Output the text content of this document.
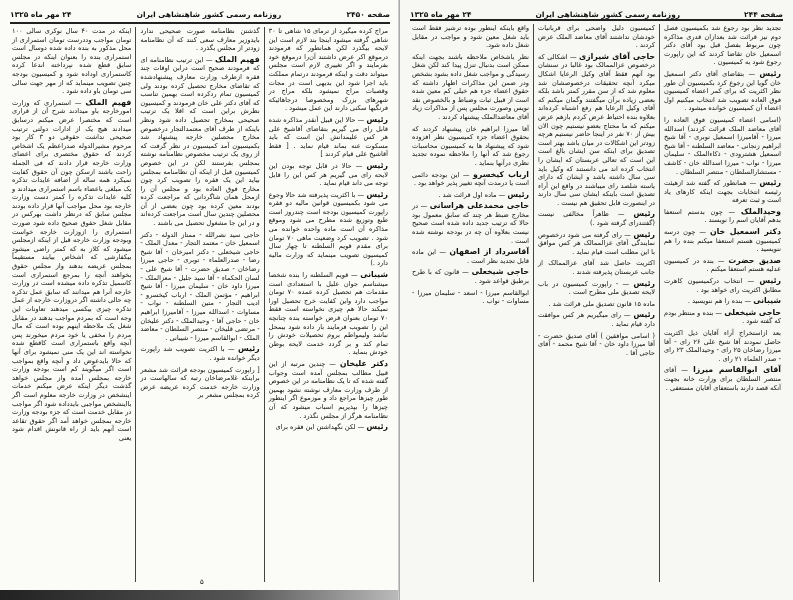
صفحه ۲۴۵۰
روزنامه رسمی کشور شاهنشاهی ایران
۲۴ مهر ماه ۱۳۲۵
مراج کرده میگیرد از ترمای ۱۵ شاهی تا ۳۰ شاهی گرفته میشود اینجا بند لازم است این لایحه بیگذرد لکن همانطور که فرمودند درموقع اکر عرض داشتند آن‌را درموقع خود بفرمایند و اگر تغییری لازم است مجلس میتواند دقت و اینکه فرمودند درتمام مملکت باید اجرا شود این بدیهی است در مجات وقصبات مراج نمیشود بلکه مراج در شهرهای بزرک ومخصوصا درجاهائیکه فرنگیها سکنی دارند این عمل میشود .
رئیس — حالا این قبیل آنقدر مذاکره شده قابل رای می گیریم بتقاضای آقاشیخ علی هر کس علیمدانش این است که باید مسکوت عنه بماند قیام نماید . [ فقط آقاشیخ علی قیام کردند ]
رئیس — حالا در قابل توجه بودن این لایحه رای می گیریم هر کس این را قابل توجه می داند قیام نماید .
رئیس — با اکثریت پذیرفته شد حالا وجوع می شود بکمیسیون قوانین مالیه دو فقره راپورت کمیسیون بودجه است چندروز است طبع وتوزیع شده مطرح می شود وموقع مذاکره آن است ماده واحده خوانده می شود . تصویب کرد وضعیت ماهی ۷۰ تومان برای مقدم قویم السلطنه تا چهار سال کمیسیون تصویب مینماید که وزارت مالیه دارد .)
شیبانی — قویم السلطنه را بنده شخصا میشناسم جوان علیل با استعدادی است مقدمات هم تحصیل کرده عمده ۷۰ تومان مواجب دارد واین کفایت خرج تحصیل اورا نمیکند حالا هم چیزی نخواسته است فقط ۷۰ تومان بعنوان قرض خواسته بنده چنانچه این را تصویب فرمایند بار داده شود بیمحل نباشد ولیمواطم بروم تحصیلات خودش را تمام کند و بر گردد خدمت لایحه بوطن خودش بنماید .
دکتر علیخان — چندین مرتبه از این قبیل مطالب بمجلس آمده است وجواب گفته شده که تا یک نظامنامه در این خصوص از طرف وزارت معارف نوشته نشود بهمین طور چیزها مراجع داد و موزموع اگر اینطور چیزها را بپذیریم اسباب میشود که آن نظامنامه هرگز از مجلس نگذرد .
رئیس — لکن نگهداشتن این فقره برای
گذشتن نظامنامه صورت صحیحی ندارد بایدوزیر معارف سعی کنند که آن نظامنامه زودتر از مجلس بگذرد .
فهیم الملک — این ترتیب نظامنامه ای که فرمودند صحیح است درابن اوقات چند فقره ازطرف وزارت معارف پیشنهادشده که تقاضای مخارج تحصیل کرده بودند ولی کمیسیون تمام ردکرده است بهمین تناسب که آقای دکتر علی خان فرمودند و کمیسیون نظرش براین است که اقلا یک ترتیب صحیحی بمخارج تحصیل داده شود ونظر باینکه از طرف آقای معتمدالتجار درخصوص مخارج محصلین خارجه پیشنهاد شد بکمیسیون آمد کمیسیون در نظر گرفت که از روی یک ترتیب مخصوص نظامنامه نوشته بمجلس بفرستند لکن در این خصوص کمیسیون قبل از اینکه آن نظامنامه بمجلس بیاید این یک فقره را تصویب کرد چون مخارج فوق العاده بود و مجلس آن را ازمحل همان شاگردانی که مراجعت کرده بودند معین کرده بود چون بعضی از آن محصلین چندین سال است مراجعت کرده‌اند و در این جا مشغول تحصیل می باشند .
حاجی سید نصرالله - ممتاز الدوله - دکتر اسمعیل خان - معتمد التجار - معدل الملک - حاجی شیخعلی - دکتر امیرخان - آقا شیخ رضا - صدرالعلماء - توبری - حاجی میرزا رضاخان - صدیق حضرت - آقا شیخ علی - لسان الحکماء - آقا سید جلیل - معزالملک - میرزا داود خان - سلیمان میرزا - آقا شیخ ابراهیم - مؤتمن الملک - ارباب کیخسرو - ادیب التجار - متین السلطنه - نواب - مساوات - اسدالله میرزا - آقامیرزا ابراهیم خان - حاجی آقا - وحیدالملک - دکتر علیخان - مرتضی قلیخان - منتصر السلطان - معاضد الملک - ابوالقاسم میرزا - شیبانی .
رئیس — با اکثریت تصویب شد راپورت دیگر خوانده شود .
[ راپورت کمیسیون بودجه قرائت شد مشعر براینکه غلامرضاخان رتبه که سالهاست در وزارت خارجه خدمت کرده عریضه عرض کرده بمجلس مشعر بر
اینکه در مدت ۴۰ سال نوکری سالی ۱۰۰ تومان مواجب وددرست تومان استمراری از محل مذکور به بنده داده شده دوسال است استمراری بنده را بعنوان اینکه در مجلس سابق قطع شده نپرداخته اندعا کرده کاستمراری اوداده شود و کمیسیون بودجه چنین تصویب مینماید که از مهر جهت سالی سی تومان باو داده شود .
فهیم الملک — استمراری که وزارت امورخارجه باو میدادند شرح آن از قراری است که مختصرا عرض میکنم درسابق میدادند هیچ یک از ادارات دولتی ترتیب صحیحی نداشت حقوقی دو ۳ کار بود مرحوم مشیرالدوله صدراعظم یک اشخاص کردند که حقوق مختصری برای اعضای وزارت خارجه قرار دادند که فی الجمله راحت باشند ازسکن چون آن حقوق کفایت نمیکرد همه ساله از اضافه عایدات تذکره یک مبلغی باعضاء باسم استمراری میدادند و کلیه عایدات تذکره را کمتر دست وزارت خارجه بود محل مواجب آنها قرار داده بودند مجلس سابق که درنظر داشت بهرکس در مقابل شغل حقوق صحیح داده شود صورت استمراری را ازوزارت خارجه خواست وبودجه وزارت خارجه قبل از اینکه ازمجلس میشود که کلاز به که کمتر راضی میشود بیکفارشی که اشخاص بیایند مستقیماً بمجلس عریضه بدهند واز مجلس حقوق بخواهند آنچه را بمرجع استمراری است کاسمیل تذکره داده میشده است در وزارت خارجه آنرا هم میدانند که سابق عمل تذکره چه حالی داشته اگر دروزارت خارجه از عمل تذکره چیزی بیکسی میدهند تعاونات این وجه است که بمردم مواجب بدهند در مقابل شغل یک ملاحظه اینهم بوده است که مال مردم را مخفی یا خود مردم میخورند پس آنچه واقع باستمراری است کاقطع شده نخواسته اند این یک منی نمیشود برای آنها که حالا بایدعوض داد و آنچه واقع بمواجب است اگر میگویند کم است بودجه وزارت خارجه بمجلس آمده واز مجلس خواهد گذشت دیگر اینکه عرض میکنم خدمات اینشخص در وزارت خارجه معلوم است اگر بااینشخص مواجبی بایدداده شود اگر مواجب در مقابل خدمت است که جزء بودجه وزارت خارجه بمجلس خواهد آمد اگر حقوق تقاعد است آنهم باید از راه قانونش اقدام شود یعنی
۵
صفحه ۲۴۴
روزنامه رسمی کشور شاهنشاهی ایران
۲۴ مهر ماه ۱۳۲۵
تجدید نظر بود رجوع شد بکمیسیون فصل دوم نیز قرائت شد بعدازان قدری مذاکره چون مربوط بفصل قبل بود آقای دکتر اسمعیل خان تقاضا کردند که این راپورت رجوع شود به کمیسیون .
رئیس — بتقاضای آقای دکتر اسمعیل خان گویا این رجوع کرد بکمیسیون آن طور نظر اکثریت که برای کمر اعضاء کمیسیون فوق العاده تصویب شد انتخاب میکنیم اول اعضاء آن کمیسیون خوانده میشود .
(اسامی اعضاء کمیسیون فوق العاده را آقای معاضد الملک قرائت کردند) اسدالله میرزا - آقامیرزا اسمعیل نوبری - آقا شیخ ابراهیم زنجانی - معاضد السلطنه - آقا شیخ اسمعیل هشترودی - ذکاءالملک - سلیمان میرزا - نواب - میرزا اسدالله خان - کاشف - مستشارالسلطان - منتصر السلطان .
رئیس — همانطور که گفته شد ازهیئت رئیسه انتخابات بجهت اینکه کارهای یاد است و ثبت تعرفه
وحیدالملک — چون بدستم استعفا بدهم آقایان اسم را نویسند .
دکتر اسمعیل خان — چون درسه کمیسیون هستم استعفا میکنم بنده را هم ننویسید .
صدیق حضرت — بنده در کمیسیون عدلیه هستم استعفا میکنم .
رئیس — انتخاب درکمیسیون کاهرت مطابق اکثریت رای خواهد بود .
شیبانی — بنده را هم ننویسید .
حاجی شیخعلی — بنده و منتظر بودم که گفته شود .
بعد ازاستخراج آراء آقایان ذیل اکثریت حاصل نمودند آقا شیخ علی ۲۶ رای - آقا میرزا رضاخان ۲۵ رای - وحیدالملک ۲۳ رای - صدر العلماء ۲۱ رای .
آقای ابوالقاسم میرزا — آقای منتصر السلطان برای وزارت خانه بجهت آنکه قصد دارند باستعفای آقایان مستعفی .
کمیسیون دلیل واضحی برای قربانیات خودشان نداشتند آقای معاضد الملک عرض کردند .
حاجی آقای شیرازی — اشکالی که درخصوص عزالممالک بود غالبا در سنشان بود آنهم فقط آقای وکیل الرعایا اشکال میکرد آنچه تحقیقات درخصوصشان شد معلوم شد که از سن مقرر کمتر باشد بلکه بعضی زیاده برآن میگفتند وگمان میکنم که آقای وکیل الرعایا هم رفع اشتباه کرده‌اند بعلاوه بنده احتیاط عرض کردم بازهم عرض میکنم که ما محتاج بعضو نیستیم چون الان بیش از ۷۰ نفر در اینجا حاضر نیستیم هرچه زودتر این اشکالات در میان باشد بهتر است تصدیق برای اینکه سن ایشان بالغ است این است که تعالی عربستان که ایشان را انتخاب کرده اند می دانستند که وکیل باید سی سال داشته باشد و ایشان که دارای یاسته شلصد رای میباشند در واقع این آراء تصدیق است باینکه ایشان سی سال دارند در اینصورت قابل تحقیق هم نیست .
رئیس — ظاهراً مخالفی نیست (گفتندرای گرفته شود .)
رئیس — رای گرفته می شود درخصوص نمایندگی آقای عزالممالک هر کس موافق با این مطلب است قیام نماید .
اکثریت حاصل شد آقای عزالممالک از جانب عربستان پذیرفته شدند .
رئیس — - راپورت کمیسیون در باب لایحه تصدیق ملی مطرح است .
ماده ۱۵ قانون تصدیق ملی قرائت شد .
رئیس — رای میگیریم هر کس موافقت دارد قیام نماید .
( اسامی موافقین ) آقای صدیق حضرت - آقا میرزا داود خان - آقا شیخ محمد - آقای حاجی آقا .
واقع باینکه اینطور بوده ترشیز فقط است باید شغل معین شود و مواجب در مقابل شغل داده شود.
نظر باشخاص ملاحظه باشند بجهت اینکه ممکن است بدنبال تنزل پیدا کند لکن شغل رسیدگی و مواجب شغل داده بشود بشخص ودر ضمن این مذاکرات اظهار داشته که حقوق اعضاء جزء هم خیلی کم معین شده است از قبیل ثبات وضباط و بالخصوص نقد نویس وصورت مجلس پس از مذاکرات زیاد آقای معاضدالملک پیشنهاد کردند .
آقا میرزا ابراهیم خان پیشنهاد کردند که بحقوق اعضاء جزء کمیسیون نظر افزوده شود که پیشنهاد ها به کمیسیون محاسبات رجوع شد که آنها را ملاحظه نموده تجدید نظری درآنها بنماید .
ارباب کیخسرو — این بودجه دائمی است یا درمدت آنچه تغییر پذیر خواهد بود .
رئیس — ماده اول قرائت شد .
حاجی محمدعلی هراسانی — در مخارج ضبط هر چند که سابق معمول بود حالا که ترتیب جدید داده شده است صحیح نیست بعلاوه آن چه در بودجه نوشته شده است .
آقاسرداد از اصفهان — این ماده قابل تجدید نظر است .
حاجی شیخعلی — قانون که با طرح برطبق قواعد شود .
ابوالقاسم میرزا - اسعد - سلیمان میرزا - مساوات - نواب .
